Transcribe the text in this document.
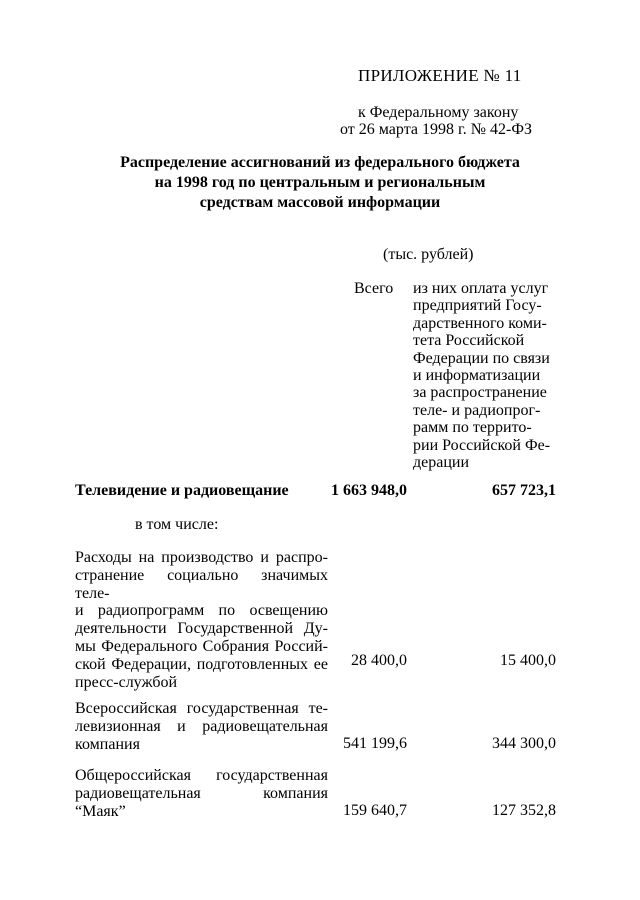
ПРИЛОЖЕНИЕ № 11
к Федеральному закону
от 26 марта 1998 г. № 42-ФЗ
Распределение ассигнований из федерального бюджета
на 1998 год по центральным и региональным
средствам массовой информации
(тыс. рублей)
Всего из них оплата услуг
предприятий Госу-
дарственного коми-
тета Российской
Федерации по связи
и информатизации
за распространение
теле- и радиопрог-
рамм по террито-
рии Российской Фе-
дерации
Телевидение и радиовещание	1 663 948,0	657 723,1
в том числе:
Расходы на производство и распро-
странение социально значимых теле-
и радиопрограмм по освещению
деятельности Государственной Ду-
мы Федерального Собрания Россий-
ской Федерации, подготовленных ее
пресс-службой
28 400,0	15 400,0
Всероссийская государственная те-
левизионная и радиовещательная
компания	541 199,6	344 300,0
Общероссийская государственная
радиовещательная компания
“Маяк”	159 640,7	127 352,8
